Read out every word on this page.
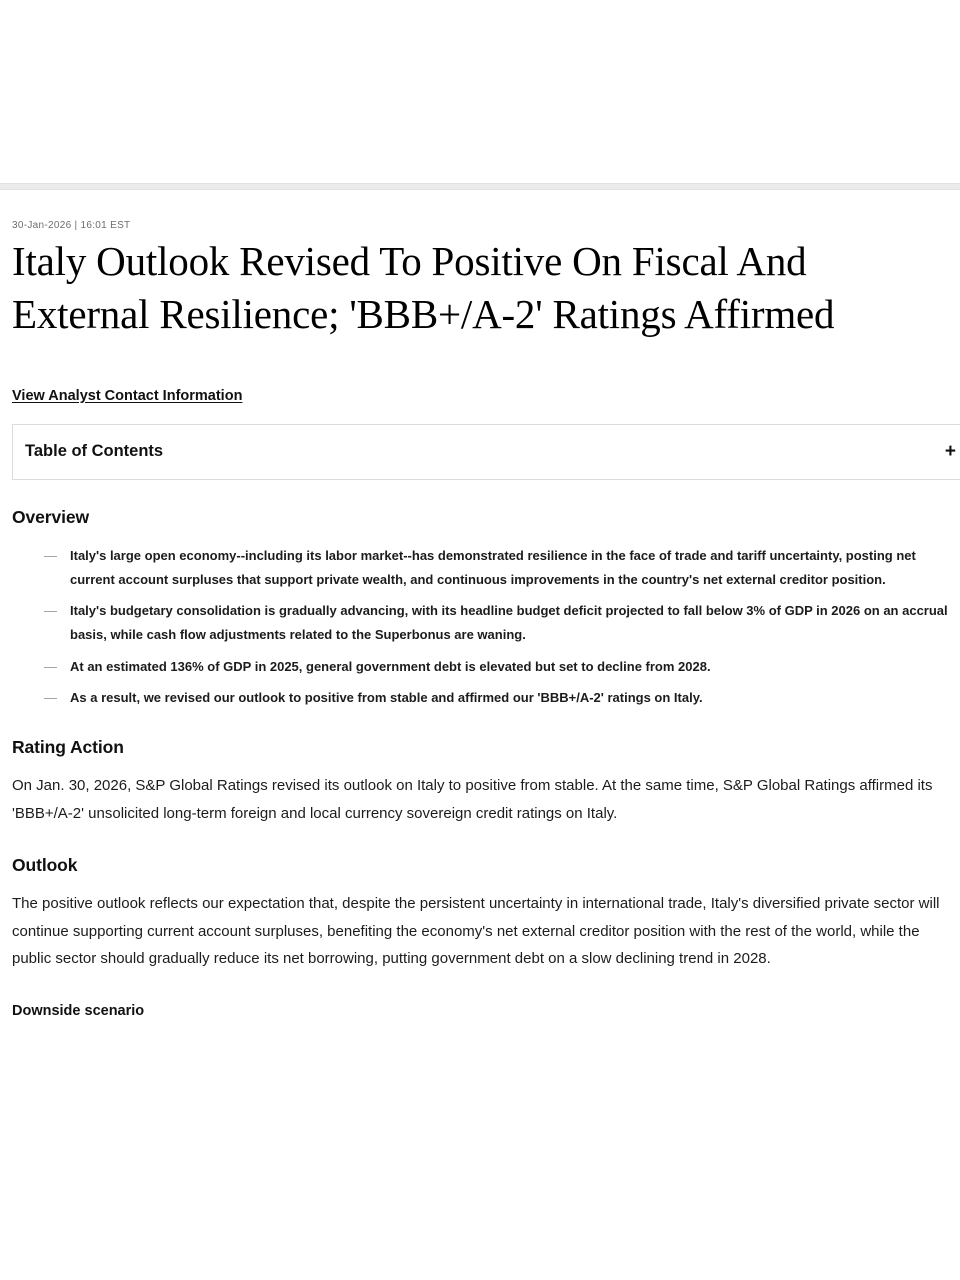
30-Jan-2026 | 16:01 EST
Italy Outlook Revised To Positive On Fiscal And External Resilience; 'BBB+/A-2' Ratings Affirmed
View Analyst Contact Information
Table of Contents	+
Overview
— Italy's large open economy--including its labor market--has demonstrated resilience in the face of trade and tariff uncertainty, posting net current account surpluses that support private wealth, and continuous improvements in the country's net external creditor position.
— Italy's budgetary consolidation is gradually advancing, with its headline budget deficit projected to fall below 3% of GDP in 2026 on an accrual basis, while cash flow adjustments related to the Superbonus are waning.
— At an estimated 136% of GDP in 2025, general government debt is elevated but set to decline from 2028.
— As a result, we revised our outlook to positive from stable and affirmed our 'BBB+/A-2' ratings on Italy.
Rating Action

On Jan. 30, 2026, S&P Global Ratings revised its outlook on Italy to positive from stable. At the same time, S&P Global Ratings affirmed its 'BBB+/A-2' unsolicited long-term foreign and local currency sovereign credit ratings on Italy.

Outlook

The positive outlook reflects our expectation that, despite the persistent uncertainty in international trade, Italy's diversified private sector will continue supporting current account surpluses, benefiting the economy's net external creditor position with the rest of the world, while the public sector should gradually reduce its net borrowing, putting government debt on a slow declining trend in 2028.

Downside scenario
